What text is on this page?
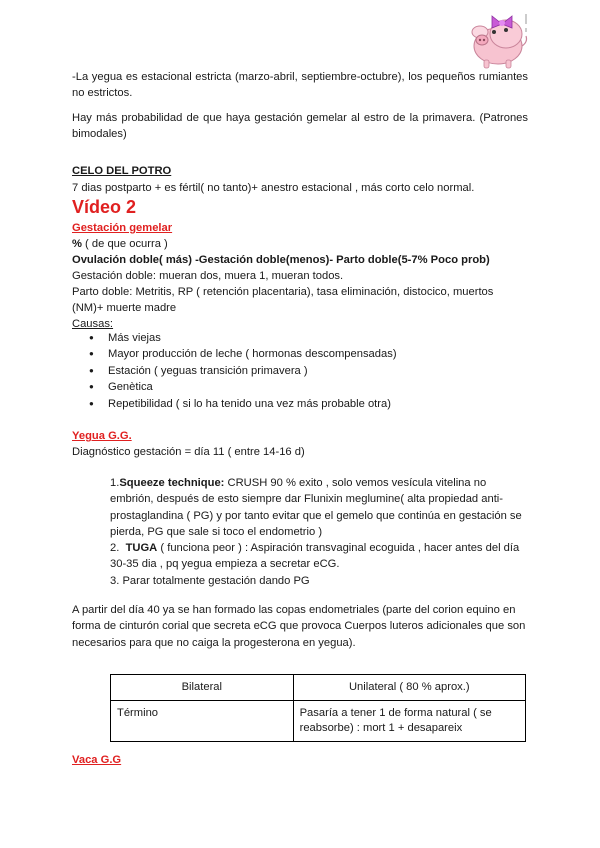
-La yegua es estacional estricta (marzo-abril, septiembre-octubre), los pequeños rumiantes no estrictos.

Hay más probabilidad de que haya gestación gemelar al estro de la primavera. (Patrones bimodales)

CELO DEL POTRO

7 dias postparto + es fértil( no tanto)+ anestro estacional , más corto celo normal.

Vídeo 2

Gestación gemelar

% ( de que ocurra )

Ovulación doble( más) -Gestación doble(menos)- Parto doble(5-7% Poco prob)

Gestación doble: mueran dos, muera 1, mueran todos.

Parto doble: Metritis, RP ( retención placentaria), tasa eliminación, distocico, muertos (NM)+ muerte madre

Causas:

● Más viejas
● Mayor producción de leche ( hormonas descompensadas)
● Estación ( yeguas transición primavera )
● Genètica
● Repetibilidad ( si lo ha tenido una vez más probable otra)

Yegua G.G.

Diagnóstico gestación = día 11 ( entre 14-16 d)

1.Squeeze technique: CRUSH 90 % exito , solo vemos vesícula vitelina no embrión, después de esto siempre dar Flunixin meglumine( alta propiedad anti-prostaglandina ( PG) y por tanto evitar que el gemelo que continúa en gestación se pierda, PG que sale si toco el endometrio )

2. TUGA ( funciona peor ) : Aspiración transvaginal ecoguida , hacer antes del día 30-35 dia , pq yegua empieza a secretar eCG.

3. Parar totalmente gestación dando PG

A partir del día 40 ya se han formado las copas endometriales (parte del corion equino en forma de cinturón corial que secreta eCG que provoca Cuerpos luteros adicionales que son necesarios para que no caiga la progesterona en yegua).

Bilateral	Unilateral ( 80 % aprox.)
Término	Pasaría a tener 1 de forma natural ( se reabsorbe) : mort 1 + desapareix

Vaca G.G
